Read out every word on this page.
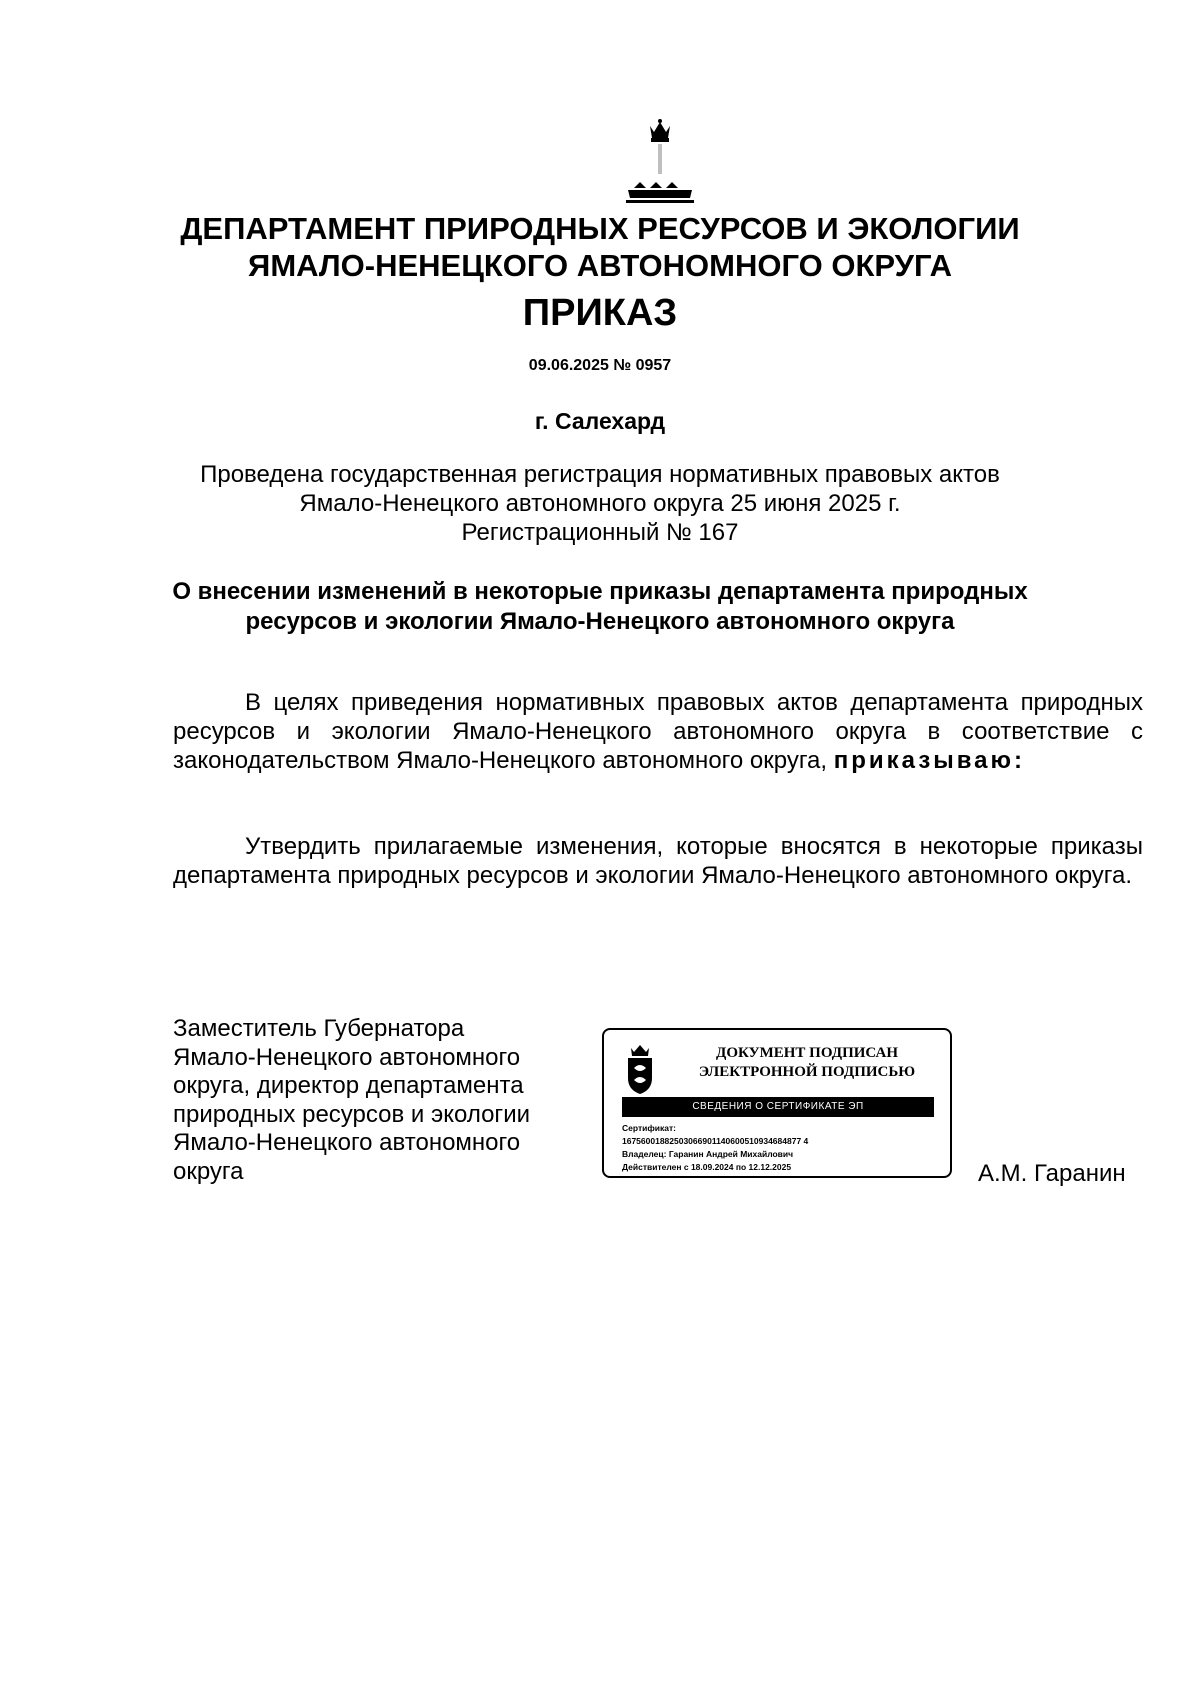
ДЕПАРТАМЕНТ ПРИРОДНЫХ РЕСУРСОВ И ЭКОЛОГИИ
ЯМАЛО-НЕНЕЦКОГО АВТОНОМНОГО ОКРУГА
ПРИКАЗ
09.06.2025 № 0957
г. Салехард
Проведена государственная регистрация нормативных правовых актов
Ямало-Ненецкого автономного округа 25 июня 2025 г.
Регистрационный № 167
О внесении изменений в некоторые приказы департамента природных
ресурсов и экологии Ямало-Ненецкого автономного округа
В целях приведения нормативных правовых актов департамента природных ресурсов и экологии Ямало-Ненецкого автономного округа в соответствие с законодательством Ямало-Ненецкого автономного округа, приказываю:
Утвердить прилагаемые изменения, которые вносятся в некоторые приказы департамента природных ресурсов и экологии Ямало-Ненецкого автономного округа.
Заместитель Губернатора
Ямало-Ненецкого автономного
округа, директор департамента
природных ресурсов и экологии
Ямало-Ненецкого автономного
округа
ДОКУМЕНТ ПОДПИСАН
ЭЛЕКТРОННОЙ ПОДПИСЬЮ
СВЕДЕНИЯ О СЕРТИФИКАТЕ ЭП
Сертификат:
16756001882503066901140600510934684877 4
Владелец: Гаранин Андрей Михайлович
Действителен с 18.09.2024 по 12.12.2025	А.М. Гаранин
